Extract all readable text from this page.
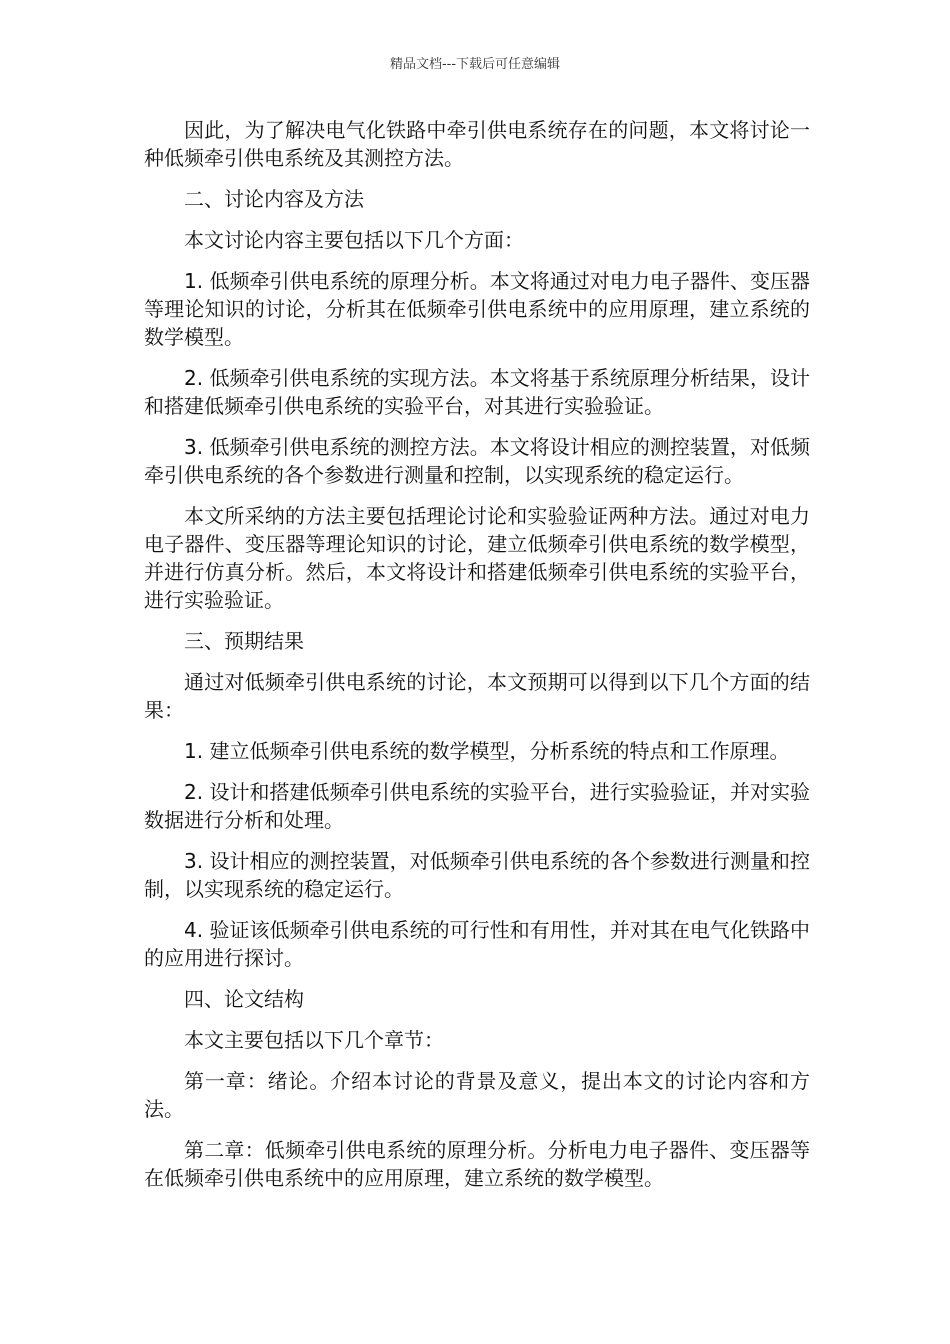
精品文档---下载后可任意编辑

因此，为了解决电气化铁路中牵引供电系统存在的问题，本文将讨论一种低频牵引供电系统及其测控方法。

二、讨论内容及方法

本文讨论内容主要包括以下几个方面：

1. 低频牵引供电系统的原理分析。本文将通过对电力电子器件、变压器等理论知识的讨论，分析其在低频牵引供电系统中的应用原理，建立系统的数学模型。

2. 低频牵引供电系统的实现方法。本文将基于系统原理分析结果，设计和搭建低频牵引供电系统的实验平台，对其进行实验验证。

3. 低频牵引供电系统的测控方法。本文将设计相应的测控装置，对低频牵引供电系统的各个参数进行测量和控制，以实现系统的稳定运行。

本文所采纳的方法主要包括理论讨论和实验验证两种方法。通过对电力电子器件、变压器等理论知识的讨论，建立低频牵引供电系统的数学模型，并进行仿真分析。然后，本文将设计和搭建低频牵引供电系统的实验平台，进行实验验证。

三、预期结果

通过对低频牵引供电系统的讨论，本文预期可以得到以下几个方面的结果：

1. 建立低频牵引供电系统的数学模型，分析系统的特点和工作原理。

2. 设计和搭建低频牵引供电系统的实验平台，进行实验验证，并对实验数据进行分析和处理。

3. 设计相应的测控装置，对低频牵引供电系统的各个参数进行测量和控制，以实现系统的稳定运行。

4. 验证该低频牵引供电系统的可行性和有用性，并对其在电气化铁路中的应用进行探讨。

四、论文结构

本文主要包括以下几个章节：

第一章：绪论。介绍本讨论的背景及意义，提出本文的讨论内容和方法。

第二章：低频牵引供电系统的原理分析。分析电力电子器件、变压器等在低频牵引供电系统中的应用原理，建立系统的数学模型。
